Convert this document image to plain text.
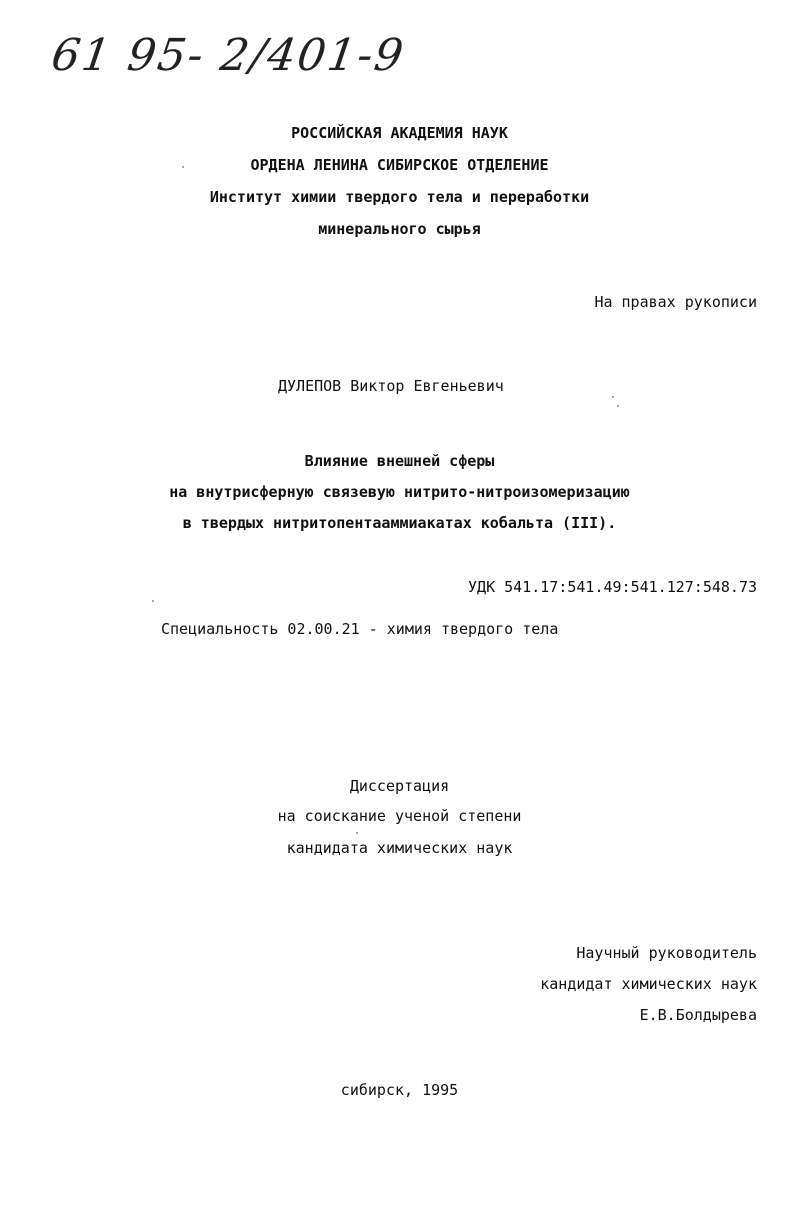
61 95- 2/401-9
РОССИЙСКАЯ АКАДЕМИЯ НАУК
ОРДЕНА ЛЕНИНА СИБИРСКОЕ ОТДЕЛЕНИЕ
Институт химии твердого тела и переработки
минерального сырья
На правах рукописи
ДУЛЕПОВ Виктор Евгеньевич
Влияние внешней сферы
на внутрисферную связевую нитрито-нитроизомеризацию
в твердых нитритопентааммиакатах кобальта (III).
УДК 541.17:541.49:541.127:548.73
Специальность 02.00.21 - химия твердого тела
Диссертация
на соискание ученой степени
кандидата химических наук
Научный руководитель
кандидат химических наук
Е.В.Болдырева
сибирск, 1995
